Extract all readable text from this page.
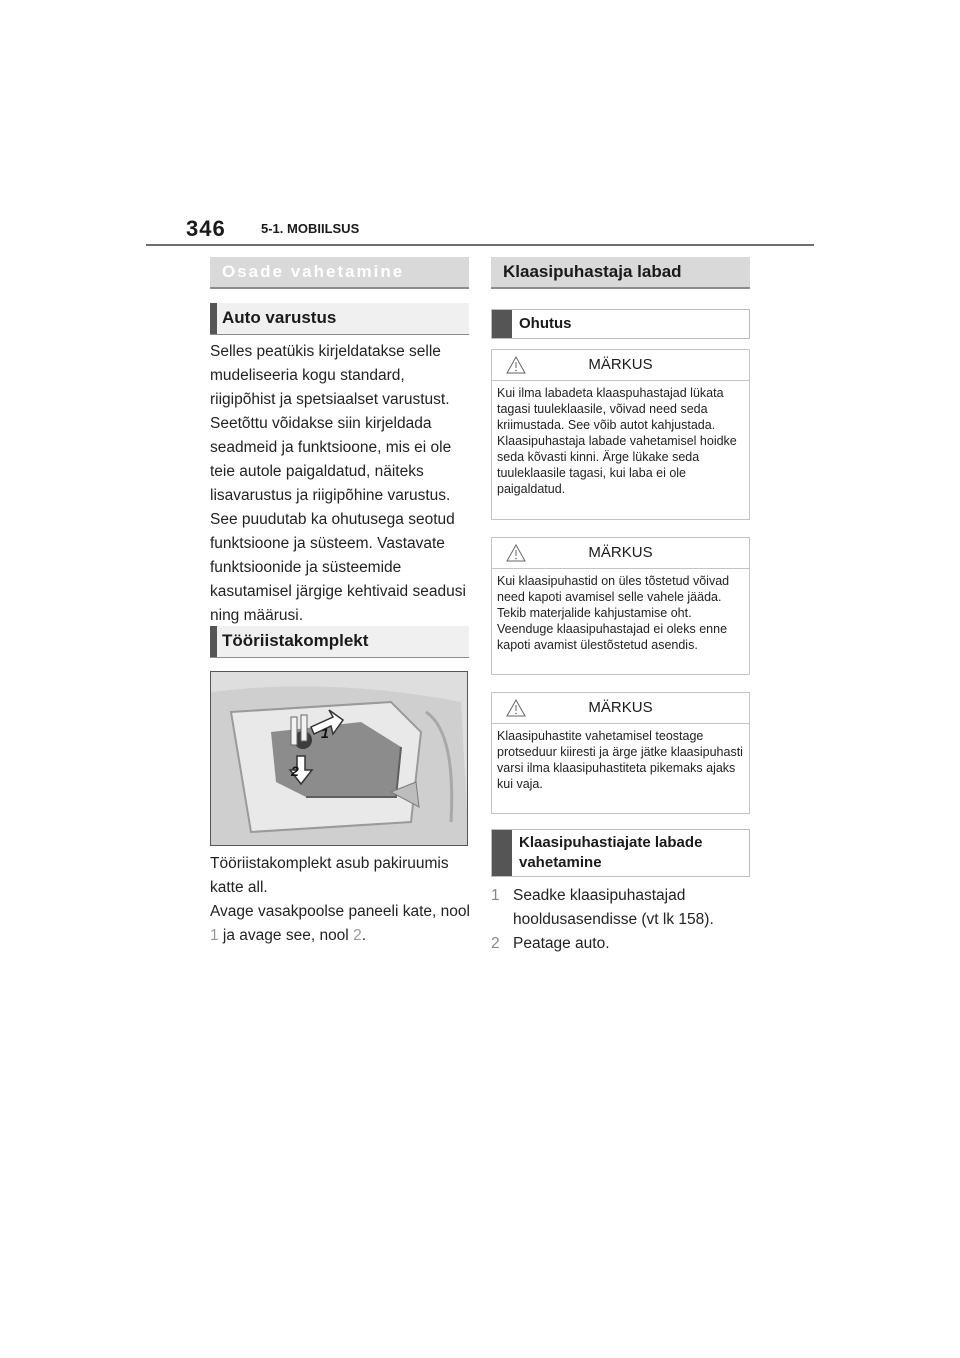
346	5-1. MOBIILSUS
Osade vahetamine
Auto varustus
Selles peatükis kirjeldatakse selle mudeliseeria kogu standard, riigipõhist ja spetsiaalset varustust. Seetõttu võidakse siin kirjeldada seadmeid ja funktsioone, mis ei ole teie autole paigaldatud, näiteks lisavarustus ja riigipõhine varustus. See puudutab ka ohutusega seotud funktsioone ja süsteem. Vastavate funktsioonide ja süsteemide kasutamisel järgige kehtivaid seadusi ning määrusi.
Tööriistakomplekt
1
2
Tööriistakomplekt asub pakiruumis katte all.
Avage vasakpoolse paneeli kate, nool 1 ja avage see, nool 2.
Klaasipuhastaja labad
Ohutus
MÄRKUS
Kui ilma labadeta klaaspuhastajad lükata tagasi tuuleklaasile, võivad need seda kriimustada. See võib autot kahjustada. Klaasipuhastaja labade vahetamisel hoidke seda kõvasti kinni. Ärge lükake seda tuuleklaasile tagasi, kui laba ei ole paigaldatud.
MÄRKUS
Kui klaasipuhastid on üles tõstetud võivad need kapoti avamisel selle vahele jääda. Tekib materjalide kahjustamise oht. Veenduge klaasipuhastajad ei oleks enne kapoti avamist ülestõstetud asendis.
MÄRKUS
Klaasipuhastite vahetamisel teostage protseduur kiiresti ja ärge jätke klaasipuhasti varsi ilma klaasipuhastiteta pikemaks ajaks kui vaja.
Klaasipuhastiajate labade vahetamine
1 Seadke klaasipuhastajad hooldusasendisse (vt lk 158).
2 Peatage auto.
